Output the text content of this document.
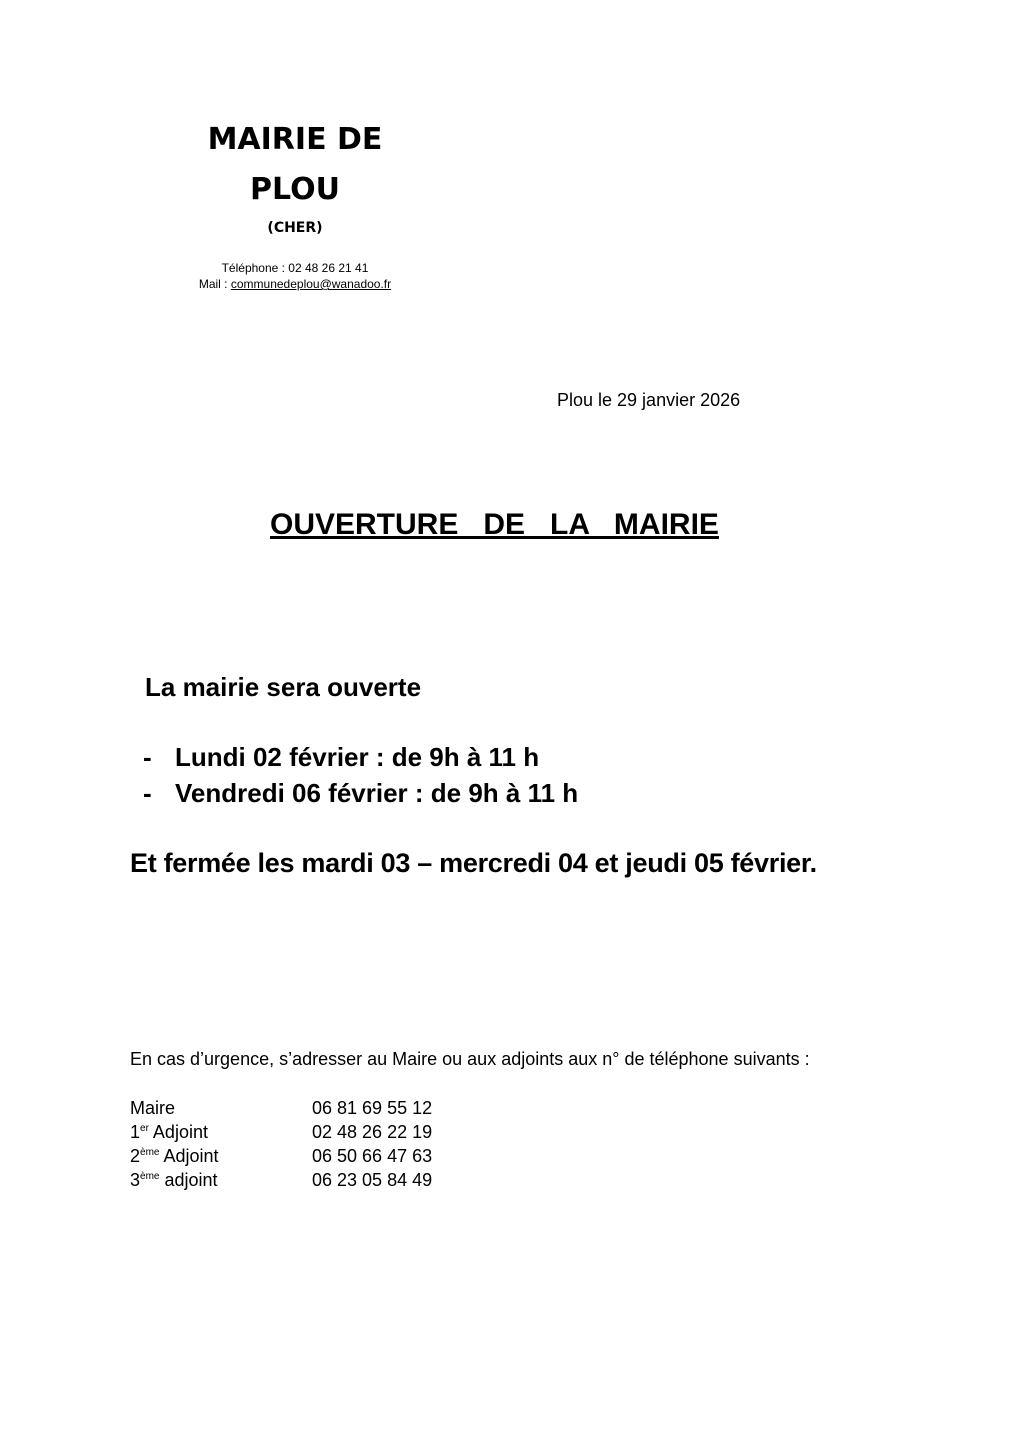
MAIRIE DE
PLOU
(CHER)
Téléphone : 02 48 26 21 41
Mail : communedeplou@wanadoo.fr
Plou le 29 janvier 2026
OUVERTURE   DE   LA   MAIRIE
La mairie sera ouverte
- Lundi 02 février : de 9h à 11 h
- Vendredi 06 février : de 9h à 11 h
Et fermée les mardi 03 – mercredi 04 et jeudi 05 février.
En cas d’urgence, s’adresser au Maire ou aux adjoints aux n° de téléphone suivants :
Maire	06 81 69 55 12
1er Adjoint	02 48 26 22 19
2ème Adjoint	06 50 66 47 63
3ème adjoint	06 23 05 84 49
